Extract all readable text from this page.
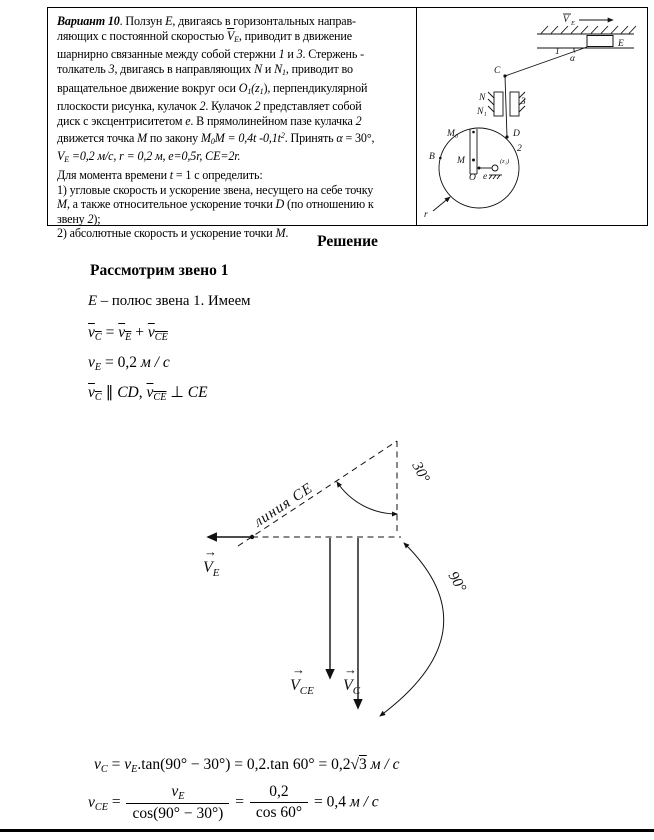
Вариант 10. Ползун Е, двигаясь в горизонтальных направ-
ляющих с постоянной скоростью $\overline{V}E$, приводит в движение
шарнирно связанные между собой стержни 1 и 3. Стержень -
толкатель 3, двигаясь в направляющих N и N1, приводит во
вращательное движение вокруг оси O1(z1), перпендикулярной
плоскости рисунка, кулачок 2. Кулачок 2 представляет собой
диск с эксцентриситетом е. В прямолинейном пазе кулачка 2
движется точка М по закону M0M = 0,4t $-0,1t^2$. Принять α = 30°,
VE =0,2 м/с, r = 0,2 м, e=0,5r, CE=2r.
Для момента времени t = 1 с определить:
1) угловые скорость и ускорение звена, несущего на себе точку
М, а также относительное ускорение точки D (по отношению к
звену 2);
2) абсолютные скорость и ускорение точки M.
E
V E
1
α
C
N
N₁
3
D
2
M₀
M
B
O e
(z₁)
r
Решение
Рассмотрим звено 1
Е – полюс звена 1. Имеем
vC = vE + vCE
vE = 0,2 м / с
vC ∥ CD, vCE ⊥ CE
линия CE
30°
90°
→
$V_E$
→
$V_{CE}$
→
$V_C$
vC = vE.tan(90° − 30°) = 0,2.tan 60° = 0,2√3 м / с
vCE = $\frac{vE}{\cos(90^\circ - 30^\circ)} = \frac{0,2}{\cos 60^\circ} = 0,4$ м / с
